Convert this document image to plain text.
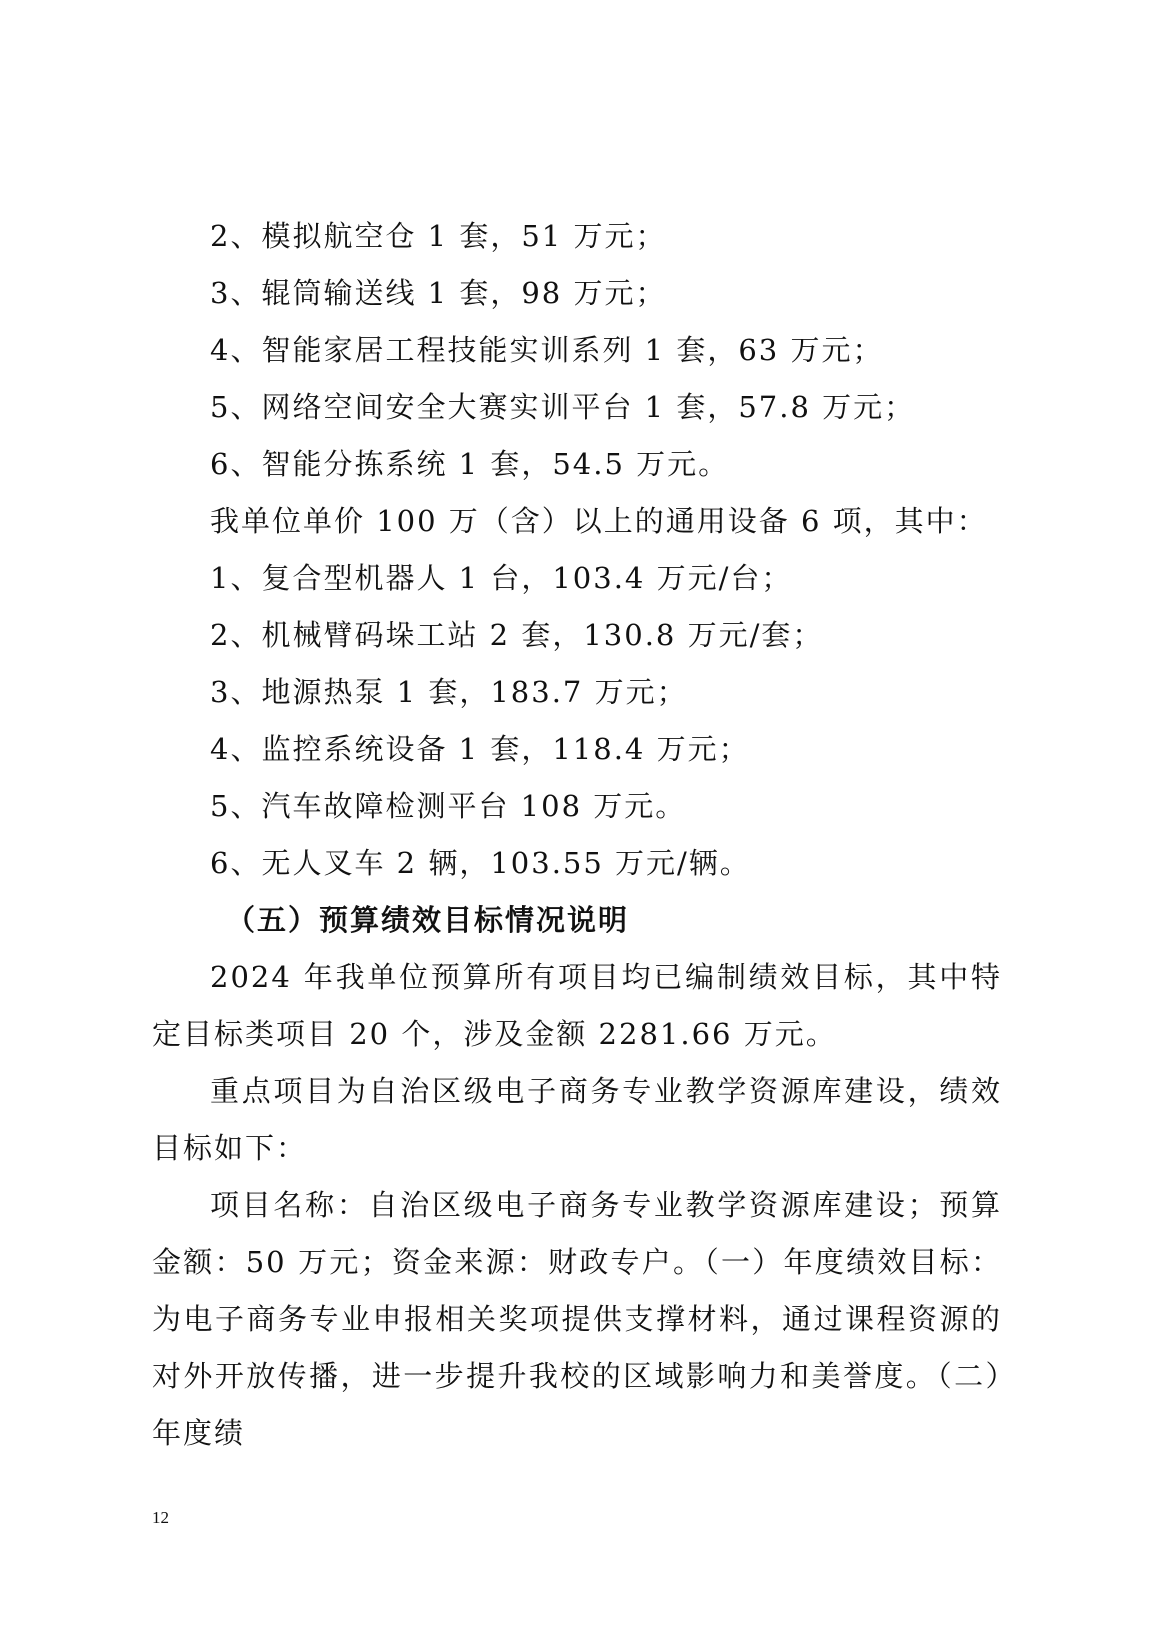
2、模拟航空仓 1 套，51 万元；

3、辊筒输送线 1 套，98 万元；

4、智能家居工程技能实训系列 1 套，63 万元；

5、网络空间安全大赛实训平台 1 套，57.8 万元；

6、智能分拣系统 1 套，54.5 万元。

我单位单价 100 万（含）以上的通用设备 6 项，其中：

1、复合型机器人 1 台，103.4 万元/台；

2、机械臂码垛工站 2 套，130.8 万元/套；

3、地源热泵 1 套，183.7 万元；

4、监控系统设备 1 套，118.4 万元；

5、汽车故障检测平台 108 万元。

6、无人叉车 2 辆，103.55 万元/辆。

（五）预算绩效目标情况说明

2024 年我单位预算所有项目均已编制绩效目标，其中特定目标类项目 20 个，涉及金额 2281.66 万元。

重点项目为自治区级电子商务专业教学资源库建设，绩效目标如下：

项目名称：自治区级电子商务专业教学资源库建设；预算金额：50 万元；资金来源：财政专户。（一）年度绩效目标：为电子商务专业申报相关奖项提供支撑材料，通过课程资源的对外开放传播，进一步提升我校的区域影响力和美誉度。（二）年度绩

12
